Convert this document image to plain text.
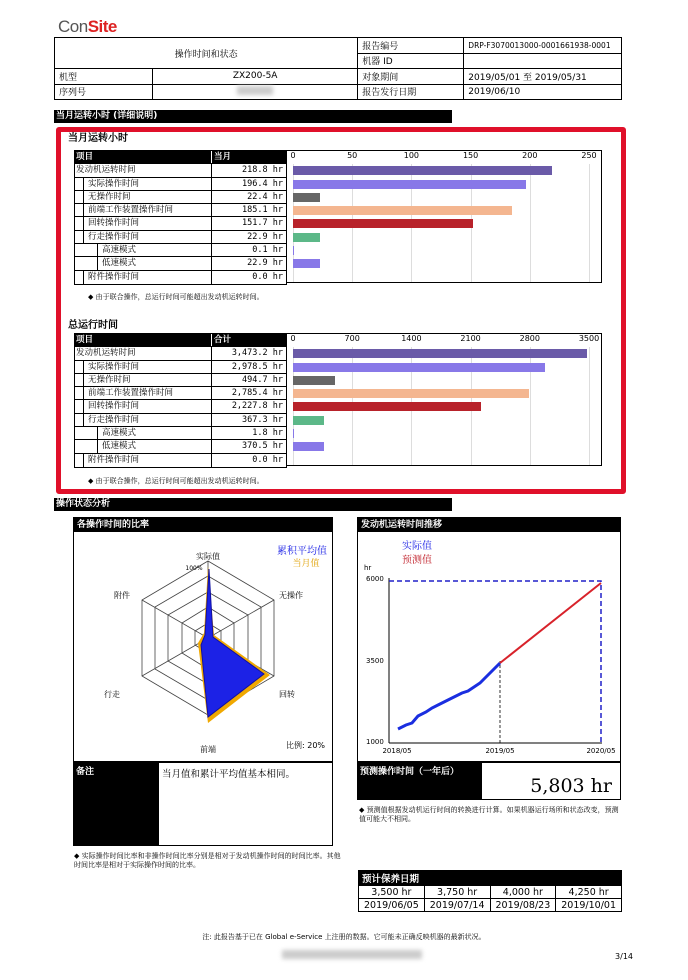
ConSite
操作时间和状态		报告编号	DRP-F3070013000-0001661938-0001
		机器 ID	
机型	ZX200-5A	对象期间	2019/05/01 至 2019/05/31
序列号		报告发行日期	2019/06/10
当月运转小时 (详细说明)
当月运转小时
项目	当月
发动机运转时间	218.8 hr
实际操作时间	196.4 hr
无操作时间	22.4 hr
前端工作装置操作时间	185.1 hr
回转操作时间	151.7 hr
行走操作时间	22.9 hr
高速模式	0.1 hr
低速模式	22.9 hr
附件操作时间	0.0 hr
0	50	100	150	200	250
◆ 由于联合操作，总运行时间可能超出发动机运转时间。
总运行时间
项目	合计
发动机运转时间	3,473.2 hr
实际操作时间	2,978.5 hr
无操作时间	494.7 hr
前端工作装置操作时间	2,785.4 hr
回转操作时间	2,227.8 hr
行走操作时间	367.3 hr
高速模式	1.8 hr
低速模式	370.5 hr
附件操作时间	0.0 hr
0	700	1400	2100	2800	3500
◆ 由于联合操作，总运行时间可能超出发动机运转时间。
操作状态分析
各操作时间的比率
实际值
100%
无操作
回转
前端
行走
附件
累积平均值
当月值
比例: 20%
发动机运转时间推移
实际值
预测值
hr
6000
3500
1000
2018/05	2019/05	2020/05
备注	当月值和累计平均值基本相同。	预测操作时间（一年后）
5,803 hr
◆ 预测值根据发动机运行时间的转换进行计算。如果机器运行场所和状态改变，预测值可能大不相同。
◆ 实际操作时间比率和非操作时间比率分别是相对于发动机操作时间的时间比率。其他时间比率是相对于实际操作时间的比率。
预计保养日期			
3,500 hr	3,750 hr	4,000 hr	4,250 hr
2019/06/05	2019/07/14	2019/08/23	2019/10/01
注: 此报告基于已在 Global e-Service 上注册的数据。它可能未正确反映机器的最新状况。
3/14
